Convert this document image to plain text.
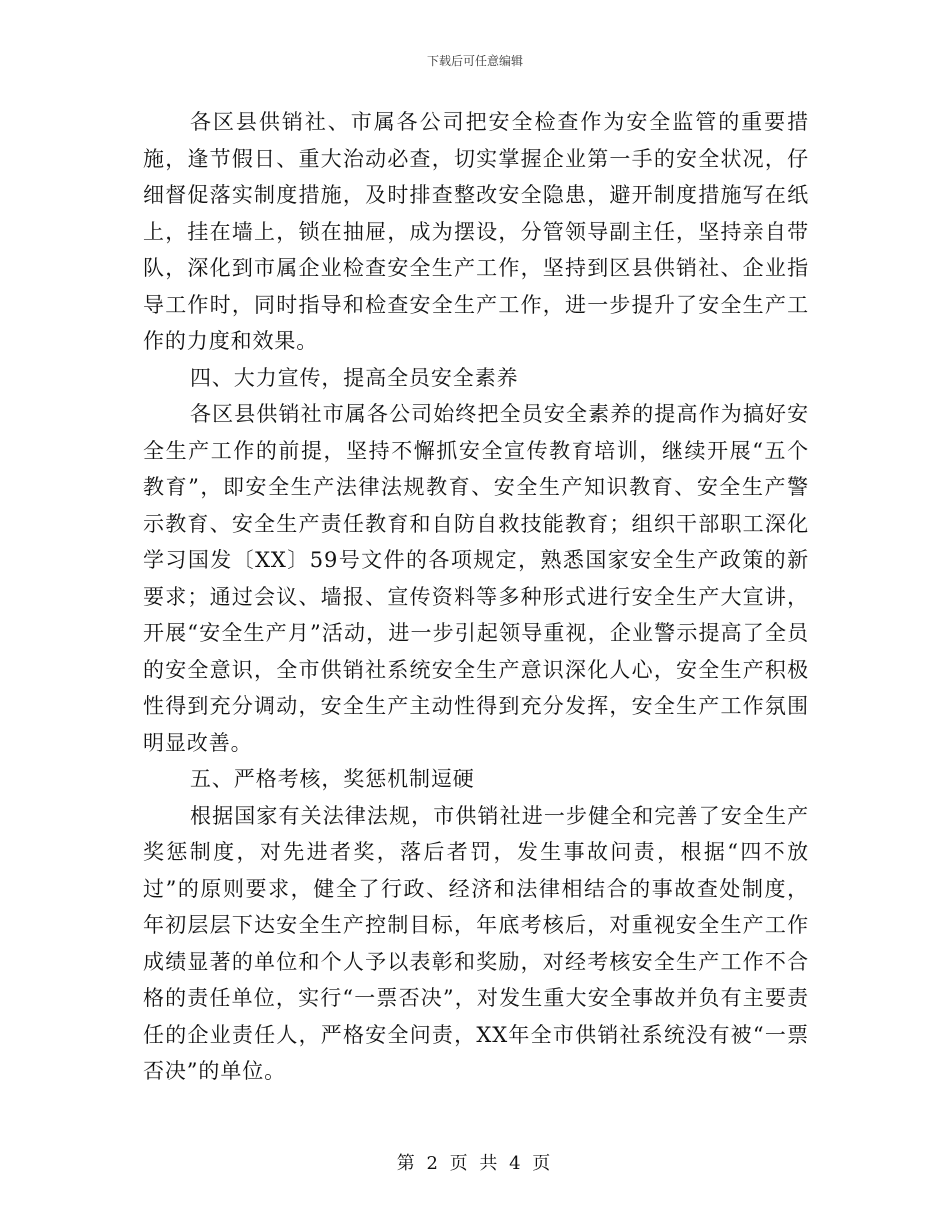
下载后可任意编辑

各区县供销社、市属各公司把安全检查作为安全监管的重要措施，逢节假日、重大治动必查，切实掌握企业第一手的安全状况，仔细督促落实制度措施，及时排查整改安全隐患，避开制度措施写在纸上，挂在墙上，锁在抽屉，成为摆设，分管领导副主任，坚持亲自带队，深化到市属企业检查安全生产工作，坚持到区县供销社、企业指导工作时，同时指导和检查安全生产工作，进一步提升了安全生产工作的力度和效果。

四、大力宣传，提高全员安全素养

各区县供销社市属各公司始终把全员安全素养的提高作为搞好安全生产工作的前提，坚持不懈抓安全宣传教育培训，继续开展“五个教育”，即安全生产法律法规教育、安全生产知识教育、安全生产警示教育、安全生产责任教育和自防自救技能教育；组织干部职工深化学习国发〔XX〕59号文件的各项规定，熟悉国家安全生产政策的新要求；通过会议、墙报、宣传资料等多种形式进行安全生产大宣讲，开展“安全生产月”活动，进一步引起领导重视，企业警示提高了全员的安全意识，全市供销社系统安全生产意识深化人心，安全生产积极性得到充分调动，安全生产主动性得到充分发挥，安全生产工作氛围明显改善。

五、严格考核，奖惩机制逗硬

根据国家有关法律法规，市供销社进一步健全和完善了安全生产奖惩制度，对先进者奖，落后者罚，发生事故问责，根据“四不放过”的原则要求，健全了行政、经济和法律相结合的事故查处制度，年初层层下达安全生产控制目标，年底考核后，对重视安全生产工作成绩显著的单位和个人予以表彰和奖励，对经考核安全生产工作不合格的责任单位，实行“一票否决”，对发生重大安全事故并负有主要责任的企业责任人，严格安全问责，XX年全市供销社系统没有被“一票否决”的单位。

第 2 页 共 4 页
